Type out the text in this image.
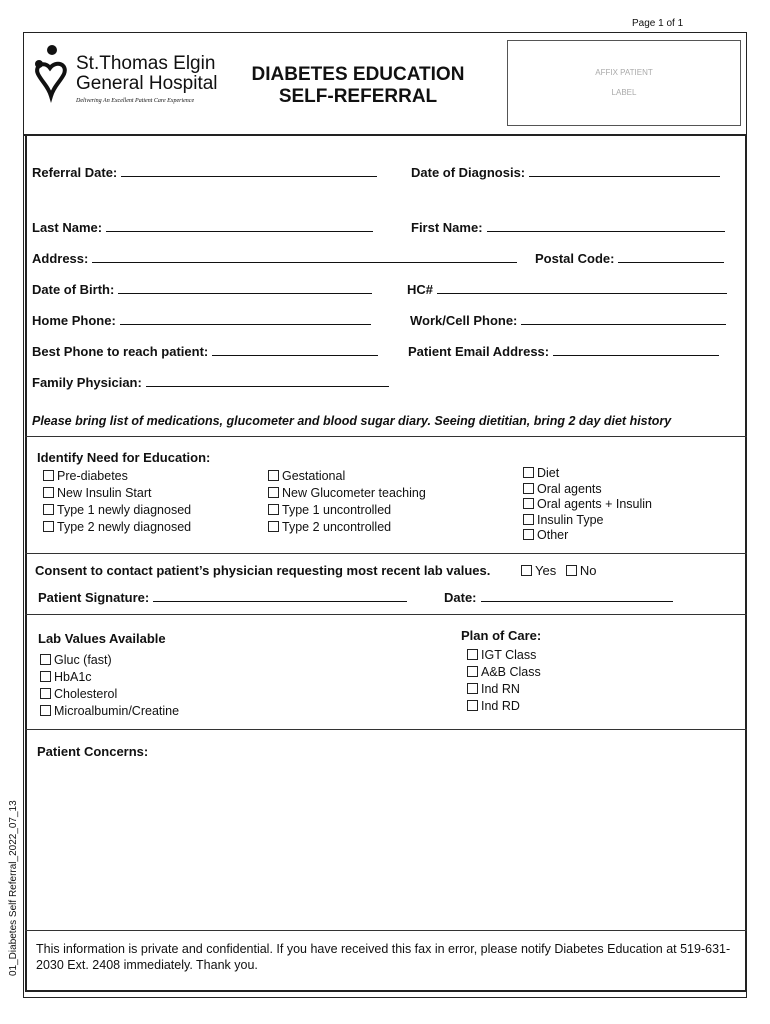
Page 1 of 1
St.Thomas Elgin
General Hospital
Delivering An Excellent Patient Care Experience
DIABETES EDUCATION
SELF-REFERRAL
AFFIX PATIENT
LABEL
Referral Date:	Date of Diagnosis:
Last Name:	First Name:
Address:	Postal Code:
Date of Birth:	HC#
Home Phone:	Work/Cell Phone:
Best Phone to reach patient:	Patient Email Address:
Family Physician:
Please bring list of medications, glucometer and blood sugar diary. Seeing dietitian, bring 2 day diet history
Identify Need for Education:
Pre-diabetes
New Insulin Start
Type 1 newly diagnosed
Type 2 newly diagnosed
Gestational
New Glucometer teaching
Type 1 uncontrolled
Type 2 uncontrolled
Diet
Oral agents
Oral agents + Insulin
Insulin Type
Other
Consent to contact patient’s physician requesting most recent lab values.	Yes No
Patient Signature:	Date:
Lab Values Available
Gluc (fast)
HbA1c
Cholesterol
Microalbumin/Creatine
Plan of Care:
IGT Class
A&B Class
Ind RN
Ind RD
Patient Concerns:
This information is private and confidential. If you have received this fax in error, please notify Diabetes Education at 519-631-2030 Ext. 2408 immediately. Thank you.
01_Diabetes Self Referral_2022_07_13
